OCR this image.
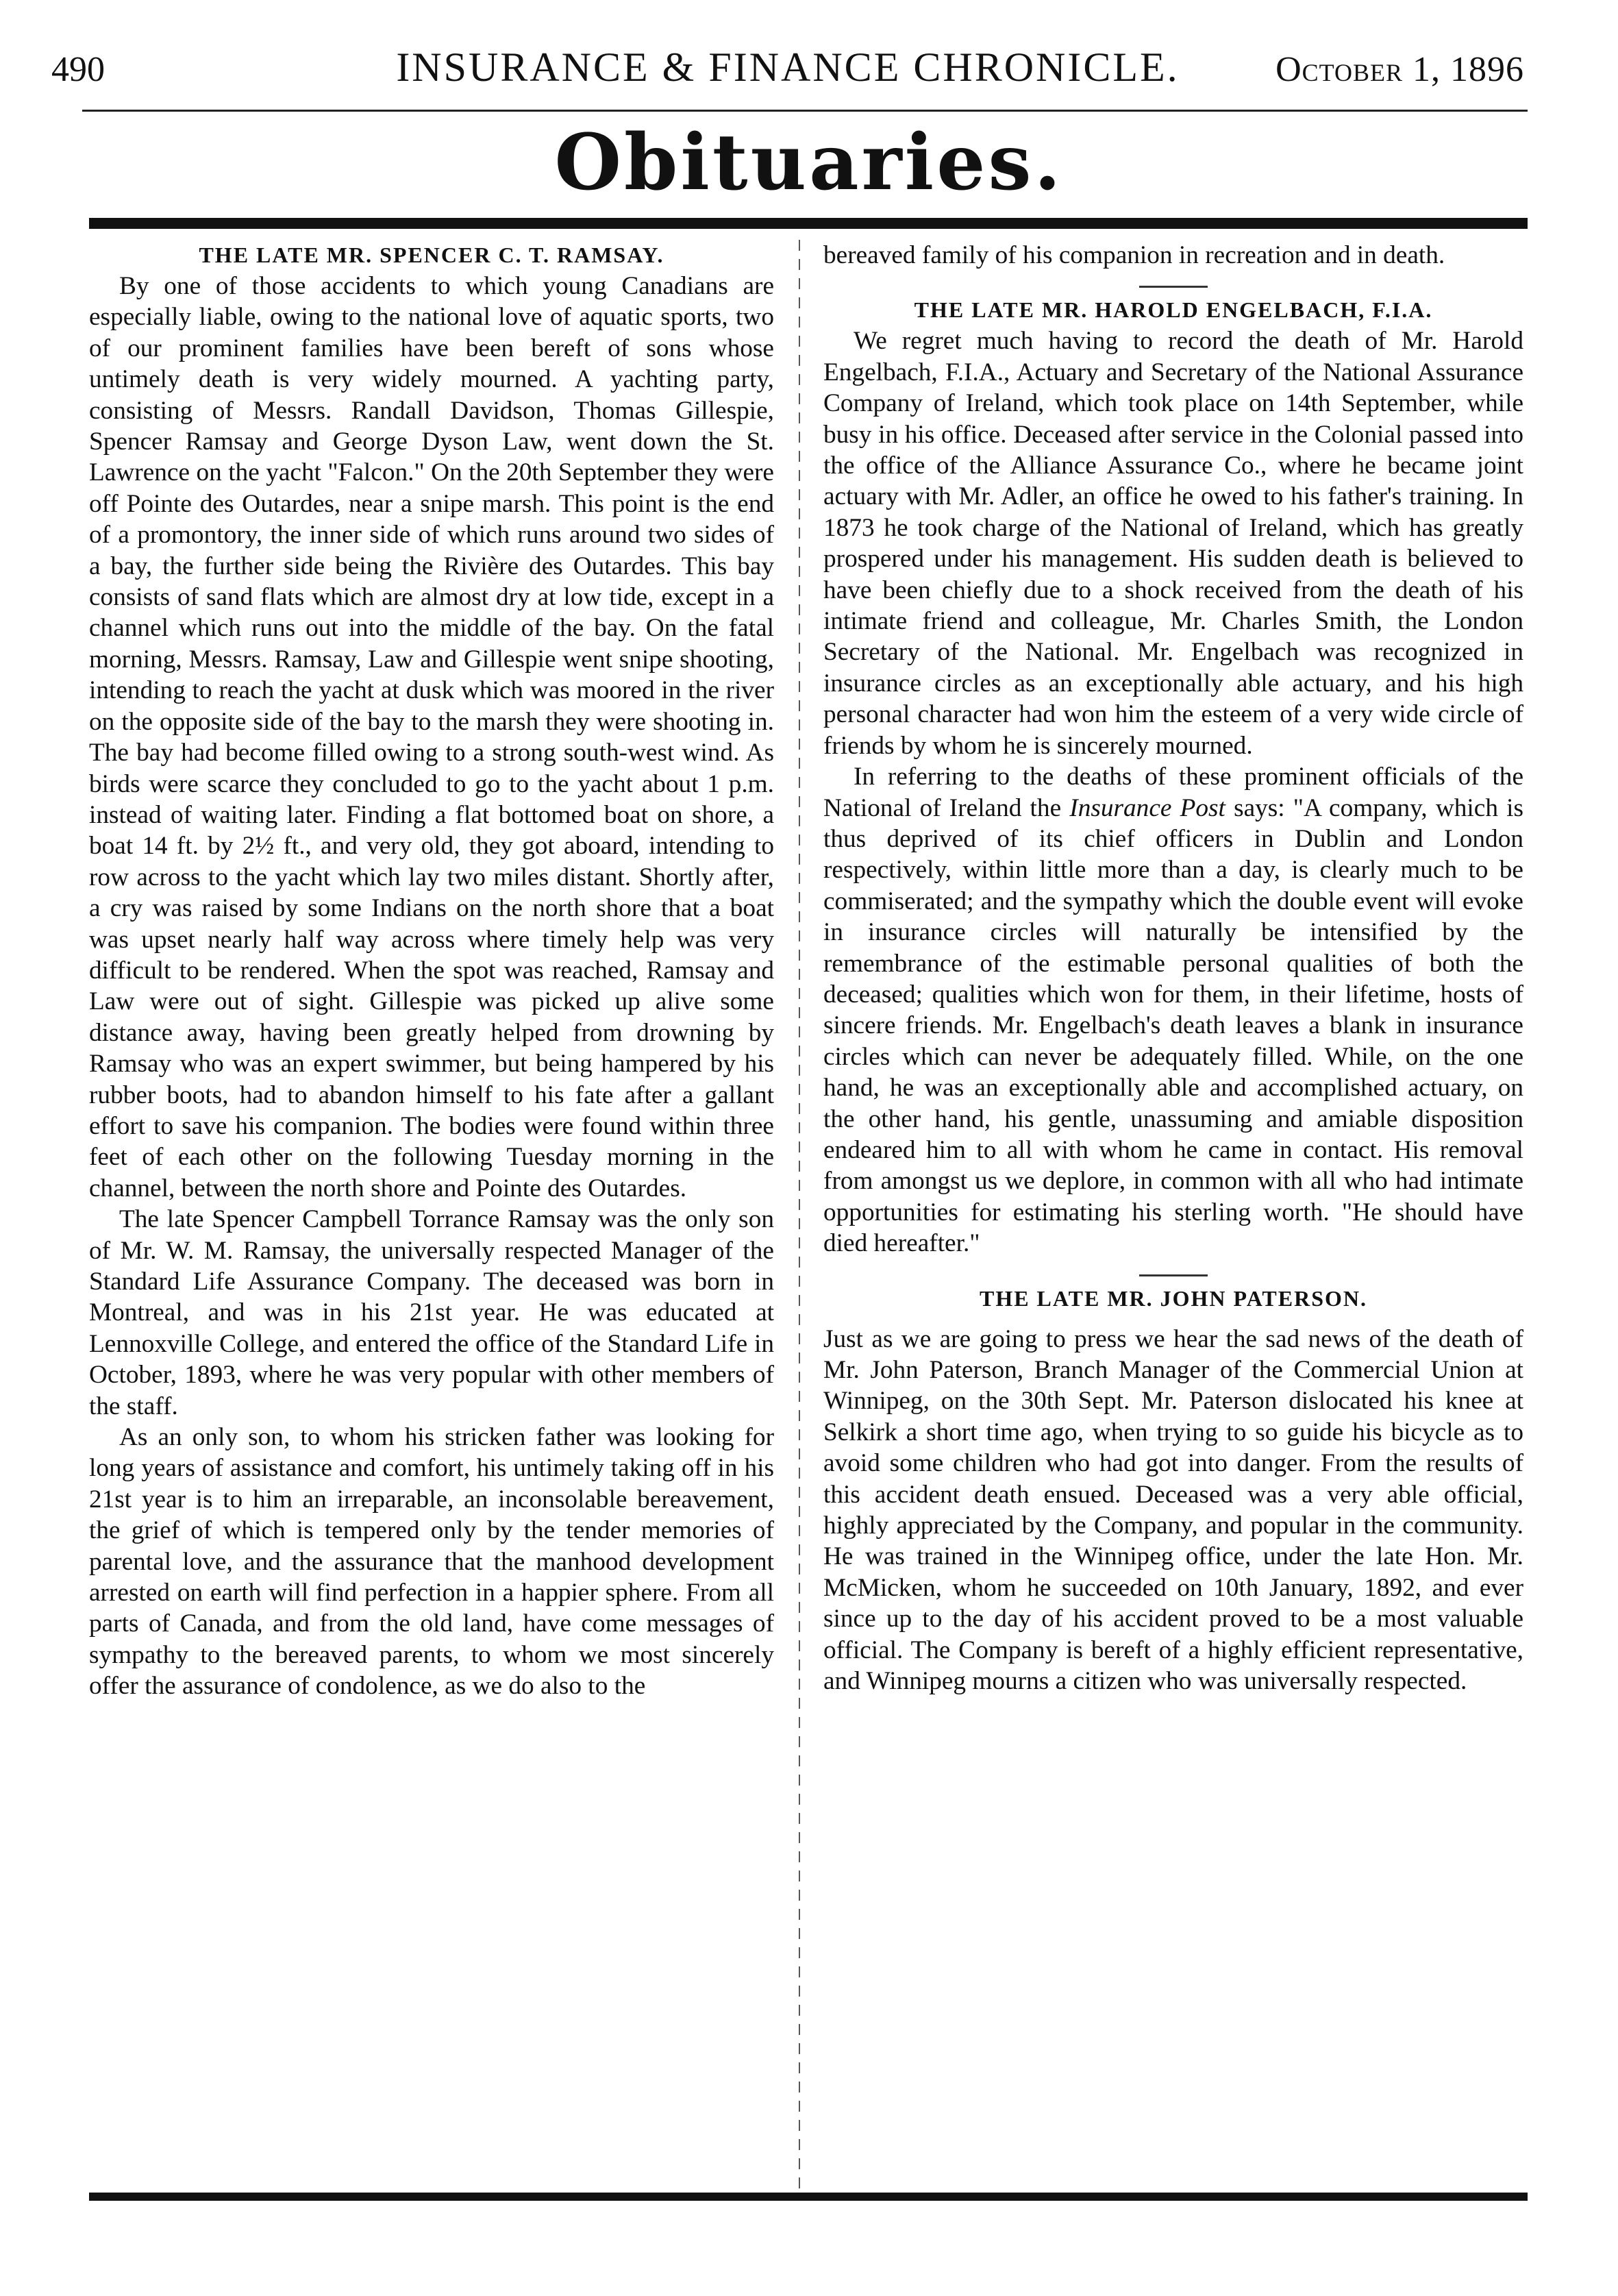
490	INSURANCE & FINANCE CHRONICLE.	October 1, 1896
Obituaries.
THE LATE MR. SPENCER C. T. RAMSAY.

By one of those accidents to which young Canadians are especially liable, owing to the national love of aquatic sports, two of our prominent families have been bereft of sons whose untimely death is very widely mourned. A yachting party, consisting of Messrs. Randall Davidson, Thomas Gillespie, Spencer Ramsay and George Dyson Law, went down the St. Lawrence on the yacht "Falcon." On the 20th September they were off Pointe des Outardes, near a snipe marsh. This point is the end of a promontory, the inner side of which runs around two sides of a bay, the further side being the Rivière des Outardes. This bay consists of sand flats which are almost dry at low tide, except in a channel which runs out into the middle of the bay. On the fatal morning, Messrs. Ramsay, Law and Gillespie went snipe shooting, intending to reach the yacht at dusk which was moored in the river on the opposite side of the bay to the marsh they were shooting in. The bay had become filled owing to a strong south-west wind. As birds were scarce they concluded to go to the yacht about 1 p.m. instead of waiting later. Finding a flat bottomed boat on shore, a boat 14 ft. by 2½ ft., and very old, they got aboard, intending to row across to the yacht which lay two miles distant. Shortly after, a cry was raised by some Indians on the north shore that a boat was upset nearly half way across where timely help was very difficult to be rendered. When the spot was reached, Ramsay and Law were out of sight. Gillespie was picked up alive some distance away, having been greatly helped from drowning by Ramsay who was an expert swimmer, but being hampered by his rubber boots, had to abandon himself to his fate after a gallant effort to save his companion. The bodies were found within three feet of each other on the following Tuesday morning in the channel, between the north shore and Pointe des Outardes.

The late Spencer Campbell Torrance Ramsay was the only son of Mr. W. M. Ramsay, the universally respected Manager of the Standard Life Assurance Company. The deceased was born in Montreal, and was in his 21st year. He was educated at Lennoxville College, and entered the office of the Standard Life in October, 1893, where he was very popular with other members of the staff.

As an only son, to whom his stricken father was looking for long years of assistance and comfort, his untimely taking off in his 21st year is to him an irreparable, an inconsolable bereavement, the grief of which is tempered only by the tender memories of parental love, and the assurance that the manhood development arrested on earth will find perfection in a happier sphere. From all parts of Canada, and from the old land, have come messages of sympathy to the bereaved parents, to whom we most sincerely offer the assurance of condolence, as we do also to the

bereaved family of his companion in recreation and in death.

THE LATE MR. HAROLD ENGELBACH, F.I.A.

We regret much having to record the death of Mr. Harold Engelbach, F.I.A., Actuary and Secretary of the National Assurance Company of Ireland, which took place on 14th September, while busy in his office. Deceased after service in the Colonial passed into the office of the Alliance Assurance Co., where he became joint actuary with Mr. Adler, an office he owed to his father's training. In 1873 he took charge of the National of Ireland, which has greatly prospered under his management. His sudden death is believed to have been chiefly due to a shock received from the death of his intimate friend and colleague, Mr. Charles Smith, the London Secretary of the National. Mr. Engelbach was recognized in insurance circles as an exceptionally able actuary, and his high personal character had won him the esteem of a very wide circle of friends by whom he is sincerely mourned.

In referring to the deaths of these prominent officials of the National of Ireland the Insurance Post says: "A company, which is thus deprived of its chief officers in Dublin and London respectively, within little more than a day, is clearly much to be commiserated; and the sympathy which the double event will evoke in insurance circles will naturally be intensified by the remembrance of the estimable personal qualities of both the deceased; qualities which won for them, in their lifetime, hosts of sincere friends. Mr. Engelbach's death leaves a blank in insurance circles which can never be adequately filled. While, on the one hand, he was an exceptionally able and accomplished actuary, on the other hand, his gentle, unassuming and amiable disposition endeared him to all with whom he came in contact. His removal from amongst us we deplore, in common with all who had intimate opportunities for estimating his sterling worth. "He should have died hereafter."

THE LATE MR. JOHN PATERSON.

Just as we are going to press we hear the sad news of the death of Mr. John Paterson, Branch Manager of the Commercial Union at Winnipeg, on the 30th Sept. Mr. Paterson dislocated his knee at Selkirk a short time ago, when trying to so guide his bicycle as to avoid some children who had got into danger. From the results of this accident death ensued. Deceased was a very able official, highly appreciated by the Company, and popular in the community. He was trained in the Winnipeg office, under the late Hon. Mr. McMicken, whom he succeeded on 10th January, 1892, and ever since up to the day of his accident proved to be a most valuable official. The Company is bereft of a highly efficient representative, and Winnipeg mourns a citizen who was universally respected.
